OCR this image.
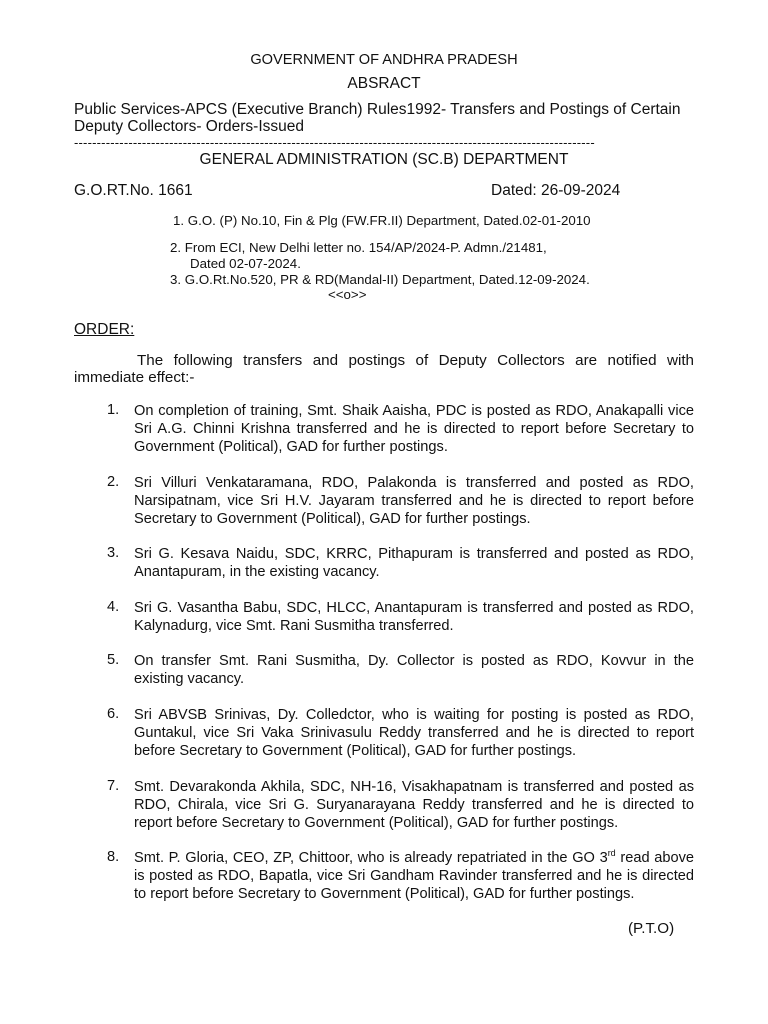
GOVERNMENT OF ANDHRA PRADESH
ABSRACT
Public Services-APCS (Executive Branch) Rules1992- Transfers and Postings of Certain
Deputy Collectors- Orders-Issued
-------------------------------------------------------------------------------------------------------------------
GENERAL ADMINISTRATION (SC.B) DEPARTMENT
G.O.RT.No. 1661	Dated: 26-09-2024
1. G.O. (P) No.10, Fin & Plg (FW.FR.II) Department, Dated.02-01-2010
2. From ECI, New Delhi letter no. 154/AP/2024-P. Admn./21481,
Dated 02-07-2024.
3. G.O.Rt.No.520, PR & RD(Mandal-II) Department, Dated.12-09-2024.
<<o>>
ORDER:
The following transfers and postings of Deputy Collectors are notified with
immediate effect:-
1. On completion of training, Smt. Shaik Aaisha, PDC is posted as RDO, Anakapalli vice Sri A.G. Chinni Krishna transferred and he is directed to report before Secretary to Government (Political), GAD for further postings.
2. Sri Villuri Venkataramana, RDO, Palakonda is transferred and posted as RDO, Narsipatnam, vice Sri H.V. Jayaram transferred and he is directed to report before Secretary to Government (Political), GAD for further postings.
3. Sri G. Kesava Naidu, SDC, KRRC, Pithapuram is transferred and posted as RDO, Anantapuram, in the existing vacancy.
4. Sri G. Vasantha Babu, SDC, HLCC, Anantapuram is transferred and posted as RDO, Kalynadurg, vice Smt. Rani Susmitha transferred.
5. On transfer Smt. Rani Susmitha, Dy. Collector is posted as RDO, Kovvur in the existing vacancy.
6. Sri ABVSB Srinivas, Dy. Colledctor, who is waiting for posting is posted as RDO, Guntakul, vice Sri Vaka Srinivasulu Reddy transferred and he is directed to report before Secretary to Government (Political), GAD for further postings.
7. Smt. Devarakonda Akhila, SDC, NH-16, Visakhapatnam is transferred and posted as RDO, Chirala, vice Sri G. Suryanarayana Reddy transferred and he is directed to report before Secretary to Government (Political), GAD for further postings.
8. Smt. P. Gloria, CEO, ZP, Chittoor, who is already repatriated in the GO 3rd read above is posted as RDO, Bapatla, vice Sri Gandham Ravinder transferred and he is directed to report before Secretary to Government (Political), GAD for further postings.
(P.T.O)
